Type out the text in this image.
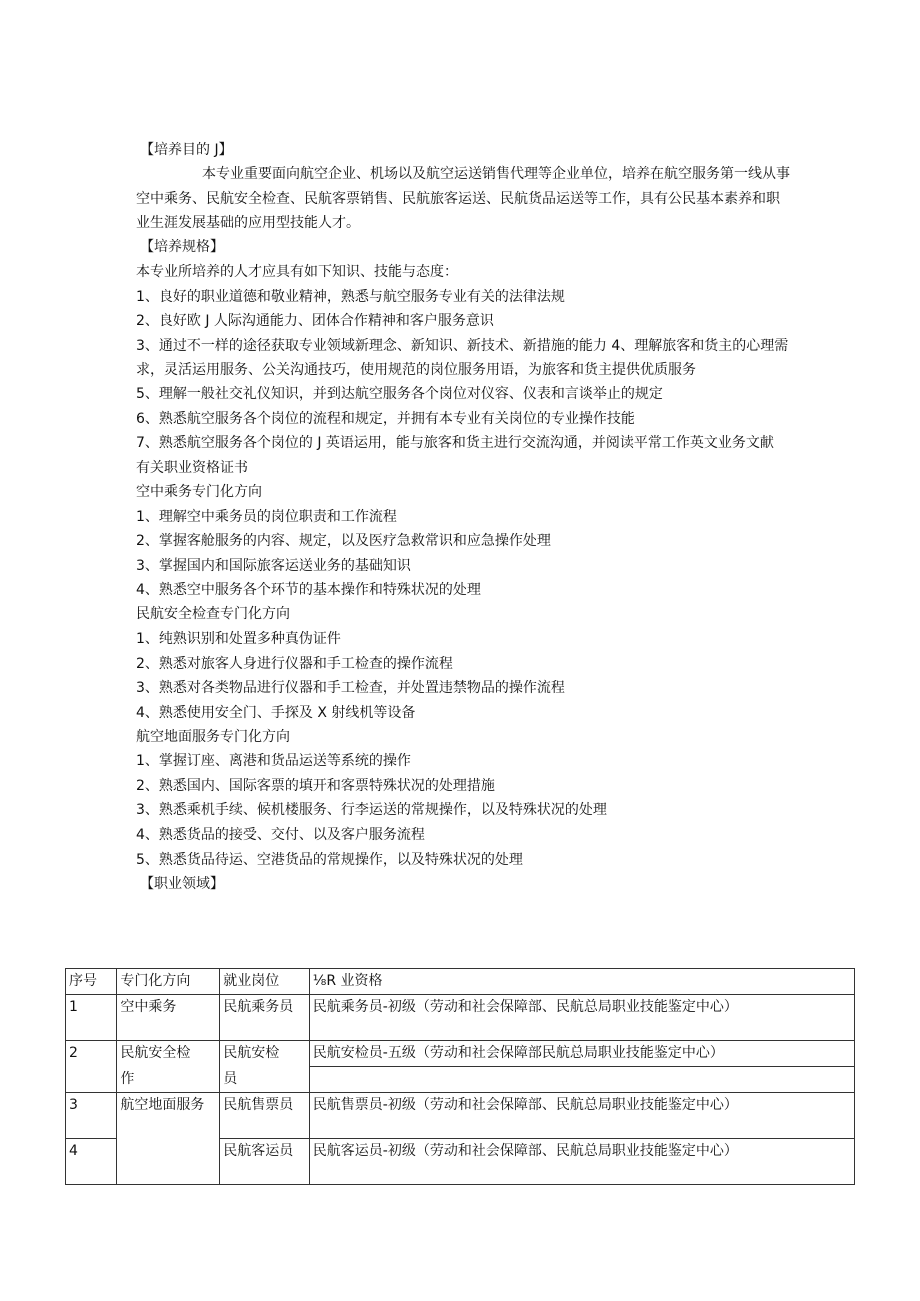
【培养目的 J】
本专业重要面向航空企业、机场以及航空运送销售代理等企业单位，培养在航空服务第一线从事
空中乘务、民航安全检查、民航客票销售、民航旅客运送、民航货品运送等工作，具有公民基本素养和职
业生涯发展基础的应用型技能人才。
【培养规格】
本专业所培养的人才应具有如下知识、技能与态度：
1、良好的职业道德和敬业精神，熟悉与航空服务专业有关的法律法规
2、良好欧 J 人际沟通能力、团体合作精神和客户服务意识
3、通过不一样的途径获取专业领域新理念、新知识、新技术、新措施的能力 4、理解旅客和货主的心理需
求，灵活运用服务、公关沟通技巧，使用规范的岗位服务用语，为旅客和货主提供优质服务
5、理解一般社交礼仪知识，并到达航空服务各个岗位对仪容、仪表和言谈举止的规定
6、熟悉航空服务各个岗位的流程和规定，并拥有本专业有关岗位的专业操作技能
7、熟悉航空服务各个岗位的 J 英语运用，能与旅客和货主进行交流沟通，并阅读平常工作英文业务文献
有关职业资格证书
空中乘务专门化方向
1、理解空中乘务员的岗位职责和工作流程
2、掌握客舱服务的内容、规定，以及医疗急救常识和应急操作处理
3、掌握国内和国际旅客运送业务的基础知识
4、熟悉空中服务各个环节的基本操作和特殊状况的处理
民航安全检查专门化方向
1、纯熟识别和处置多种真伪证件
2、熟悉对旅客人身进行仪器和手工检查的操作流程
3、熟悉对各类物品进行仪器和手工检查，并处置违禁物品的操作流程
4、熟悉使用安全门、手探及 X 射线机等设备
航空地面服务专门化方向
1、掌握订座、离港和货品运送等系统的操作
2、熟悉国内、国际客票的填开和客票特殊状况的处理措施
3、熟悉乘机手续、候机楼服务、行李运送的常规操作，以及特殊状况的处理
4、熟悉货品的接受、交付、以及客户服务流程
5、熟悉货品待运、空港货品的常规操作，以及特殊状况的处理
【职业领域】
序号	专门化方向	就业岗位	⅛R 业资格
1	空中乘务	民航乘务员	民航乘务员-初级（劳动和社会保障部、民航总局职业技能鉴定中心）
2	民航安全检	民航安检	民航安检员-五级（劳动和社会保障部民航总局职业技能鉴定中心）
	作	员	
3	航空地面服务	民航售票员	民航售票员-初级（劳动和社会保障部、民航总局职业技能鉴定中心）
4		民航客运员	民航客运员-初级（劳动和社会保障部、民航总局职业技能鉴定中心）
